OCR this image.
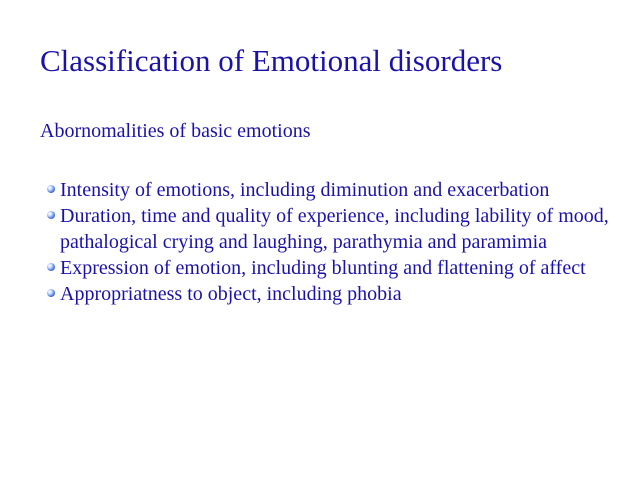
Classification of Emotional disorders
Abornomalities of basic emotions
Intensity of emotions, including diminution and exacerbation
Duration, time and quality of experience, including lability of mood, pathalogical crying and laughing, parathymia and paramimia
Expression of emotion, including blunting and flattening of affect
Appropriatness to object, including phobia
